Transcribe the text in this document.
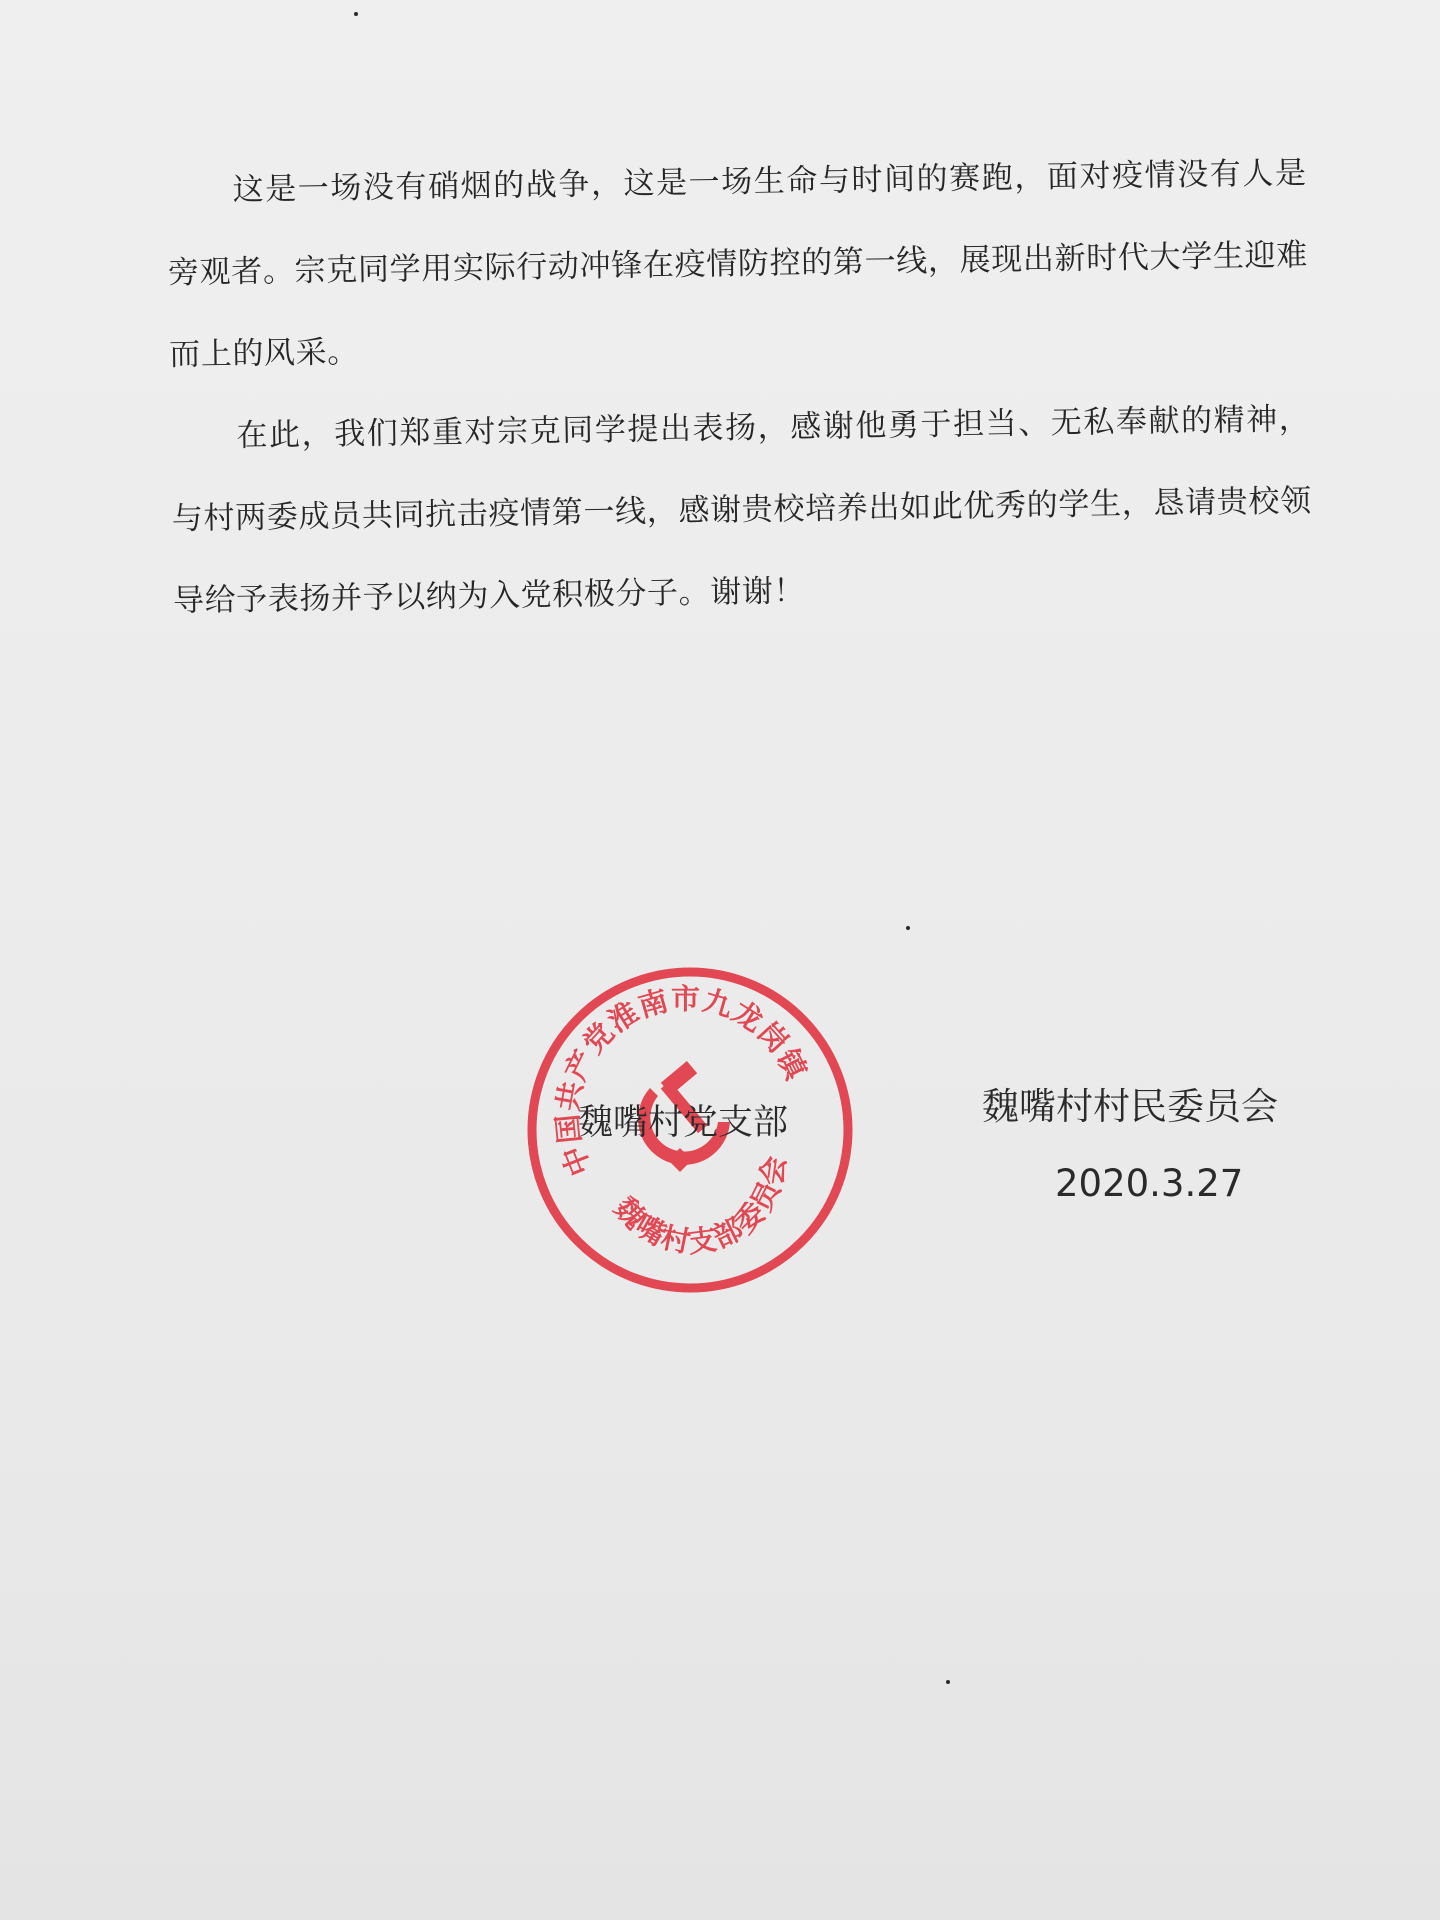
这是一场没有硝烟的战争，这是一场生命与时间的赛跑，面对疫情没有人是旁观者。宗克同学用实际行动冲锋在疫情防控的第一线，展现出新时代大学生迎难而上的风采。

在此，我们郑重对宗克同学提出表扬，感谢他勇于担当、无私奉献的精神，与村两委成员共同抗击疫情第一线，感谢贵校培养出如此优秀的学生，恳请贵校领导给予表扬并予以纳为入党积极分子。谢谢！

中国共产党淮南市九龙岗镇
魏嘴村支部委员会
魏嘴村党支部	魏嘴村村民委员会
2020.3.27
